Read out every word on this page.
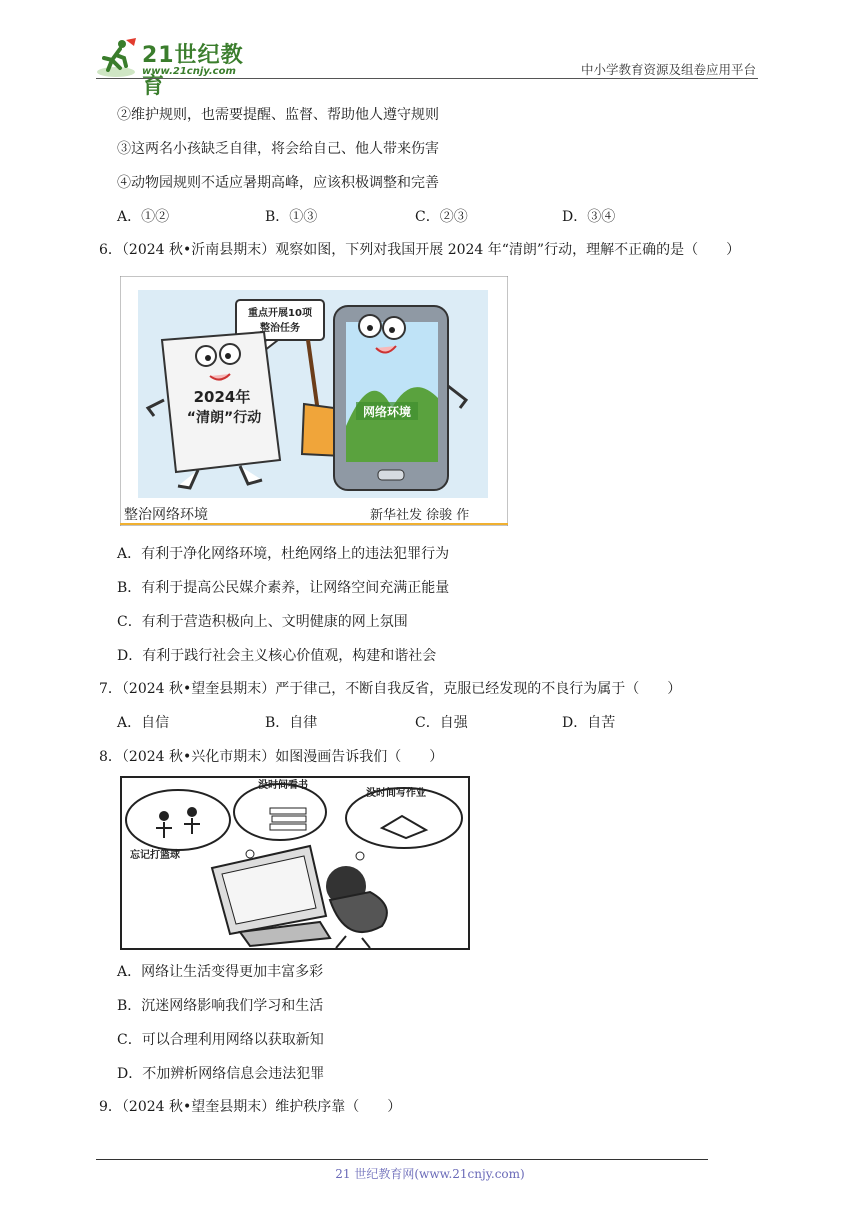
21世纪教育
www.21cnjy.com	中小学教育资源及组卷应用平台
②维护规则，也需要提醒、监督、帮助他人遵守规则
③这两名小孩缺乏自律，将会给自己、他人带来伤害
④动物园规则不适应暑期高峰，应该积极调整和完善
A．①②	B．①③	C．②③	D．③④
6．（2024 秋•沂南县期末）观察如图，下列对我国开展 2024 年“清朗”行动，理解不正确的是（　　）
重点开展10项
整治任务
2024年
“清朗”行动	网络环境
整治网络环境	新华社发 徐骏 作
A．有利于净化网络环境，杜绝网络上的违法犯罪行为
B．有利于提高公民媒介素养，让网络空间充满正能量
C．有利于营造积极向上、文明健康的网上氛围
D．有利于践行社会主义核心价值观，构建和谐社会
7．（2024 秋•望奎县期末）严于律己，不断自我反省，克服已经发现的不良行为属于（　　）
A．自信	B．自律	C．自强	D．自苦
8．（2024 秋•兴化市期末）如图漫画告诉我们（　　）
忘记打篮球
没时间看书
没时间写作业
A．网络让生活变得更加丰富多彩
B．沉迷网络影响我们学习和生活
C．可以合理利用网络以获取新知
D．不加辨析网络信息会违法犯罪
9．（2024 秋•望奎县期末）维护秩序靠（　　）
21 世纪教育网(www.21cnjy.com)
